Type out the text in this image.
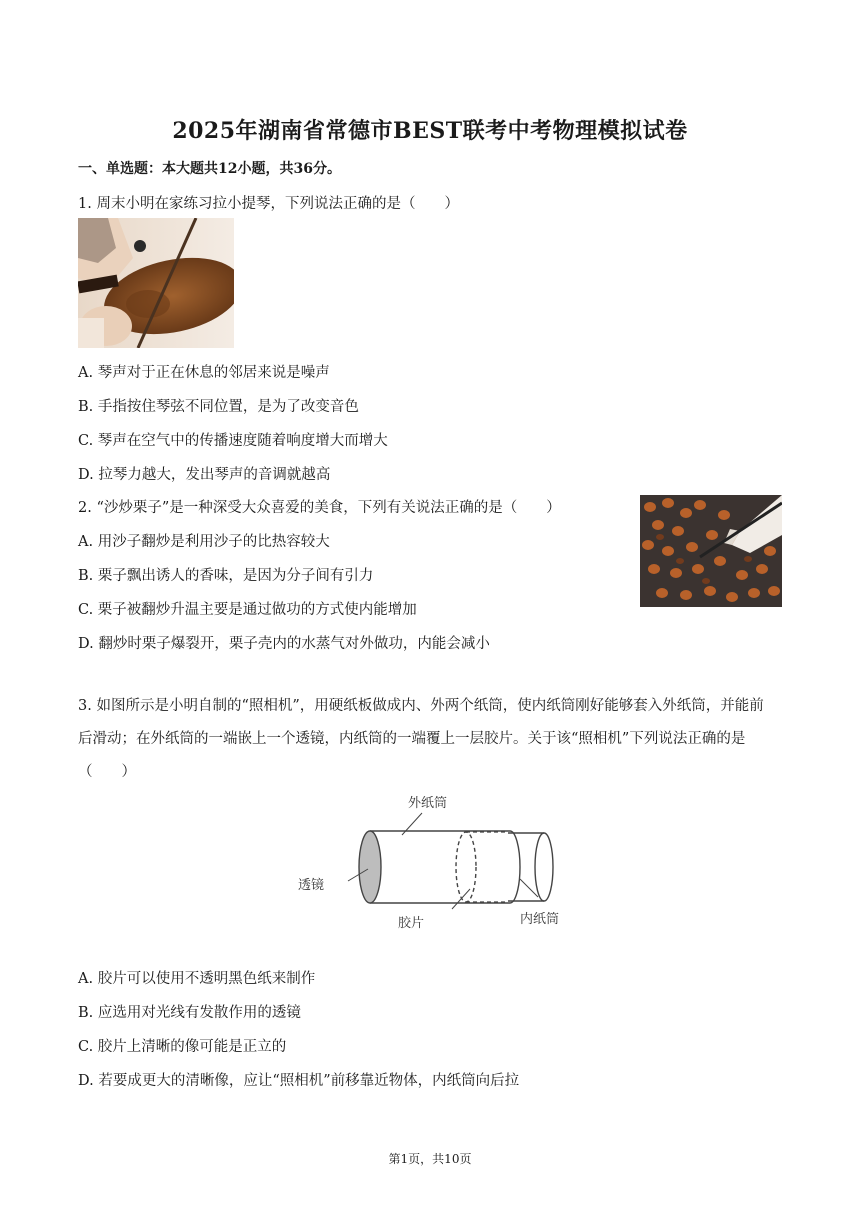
2025年湖南省常德市BEST联考中考物理模拟试卷
一、单选题：本大题共12小题，共36分。
1. 周末小明在家练习拉小提琴，下列说法正确的是（　　）
A. 琴声对于正在休息的邻居来说是噪声
B. 手指按住琴弦不同位置，是为了改变音色
C. 琴声在空气中的传播速度随着响度增大而增大
D. 拉琴力越大，发出琴声的音调就越高
2. “沙炒栗子”是一种深受大众喜爱的美食，下列有关说法正确的是（　　）
A. 用沙子翻炒是利用沙子的比热容较大
B. 栗子飘出诱人的香味，是因为分子间有引力
C. 栗子被翻炒升温主要是通过做功的方式使内能增加
D. 翻炒时栗子爆裂开，栗子壳内的水蒸气对外做功，内能会减小
3. 如图所示是小明自制的“照相机”，用硬纸板做成内、外两个纸筒，使内纸筒刚好能够套入外纸筒，并能前后滑动；在外纸筒的一端嵌上一个透镜，内纸筒的一端覆上一层胶片。关于该“照相机”下列说法正确的是（　　）
外纸筒
透镜
胶片	内纸筒
A. 胶片可以使用不透明黑色纸来制作
B. 应选用对光线有发散作用的透镜
C. 胶片上清晰的像可能是正立的
D. 若要成更大的清晰像，应让“照相机”前移靠近物体，内纸筒向后拉
第1页，共10页
